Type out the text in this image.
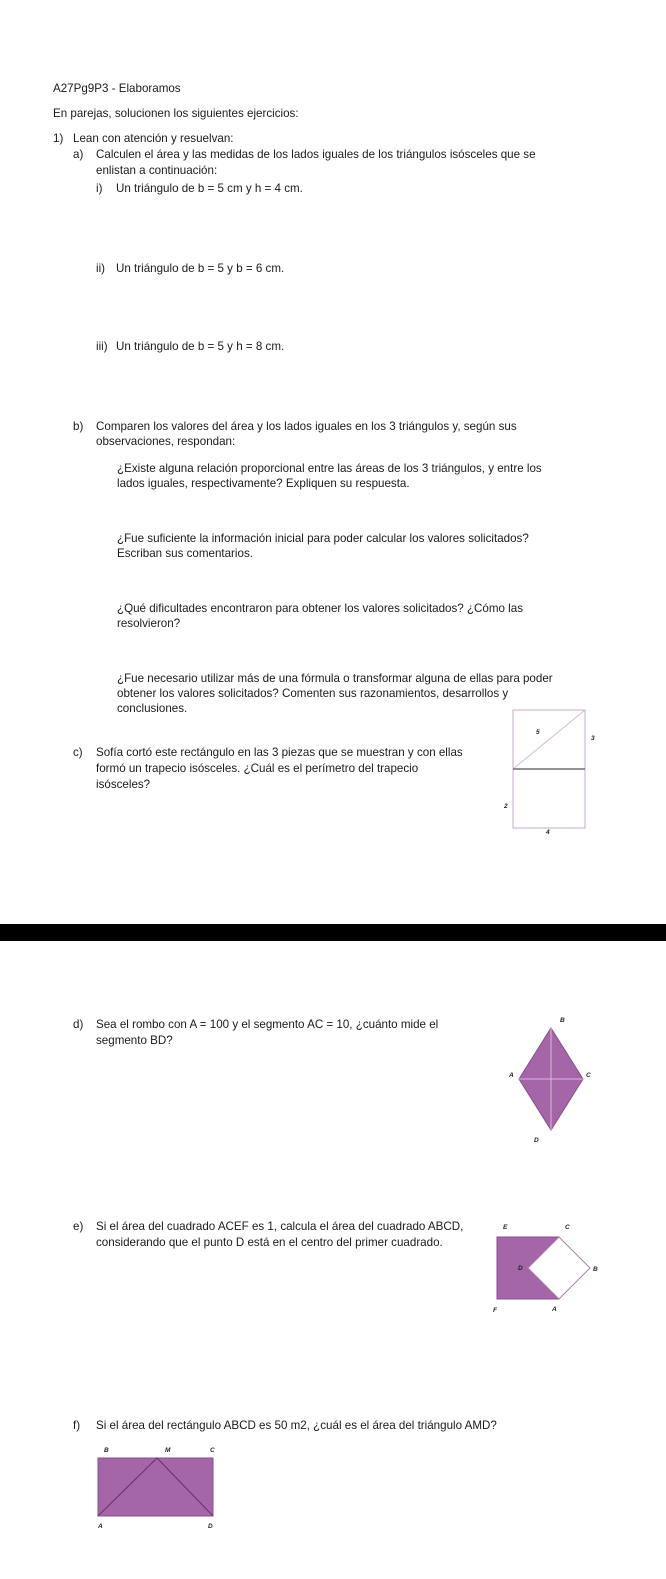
A27Pg9P3 - Elaboramos

En parejas, solucionen los siguientes ejercicios:

1) Lean con atención y resuelvan:

a) Calculen el área y las medidas de los lados iguales de los triángulos isósceles que se

enlistan a continuación:

i) Un triángulo de b = 5 cm y h = 4 cm.

ii) Un triángulo de b = 5 y b = 6 cm.

iii) Un triángulo de b = 5 y h = 8 cm.

b) Comparen los valores del área y los lados iguales en los 3 triángulos y, según sus

observaciones, respondan:

¿Existe alguna relación proporcional entre las áreas de los 3 triángulos, y entre los

lados iguales, respectivamente? Expliquen su respuesta.

¿Fue suficiente la información inicial para poder calcular los valores solicitados?

Escriban sus comentarios.

¿Qué dificultades encontraron para obtener los valores solicitados? ¿Cómo las

resolvieron?

¿Fue necesario utilizar más de una fórmula o transformar alguna de ellas para poder

obtener los valores solicitados? Comenten sus razonamientos, desarrollos y

conclusiones.

c) Sofía cortó este rectángulo en las 3 piezas que se muestran y con ellas

formó un trapecio isósceles. ¿Cuál es el perímetro del trapecio

isósceles?

5
3
2
4

d) Sea el rombo con A = 100 y el segmento AC = 10, ¿cuánto mide el

segmento BD?

B
A	C
D

e) Si el área del cuadrado ACEF es 1, calcula el área del cuadrado ABCD,

considerando que el punto D está en el centro del primer cuadrado.

E	C
D	B
F	A

f) Si el área del rectángulo ABCD es 50 m2, ¿cuál es el área del triángulo AMD?

B	M	C
A	D
